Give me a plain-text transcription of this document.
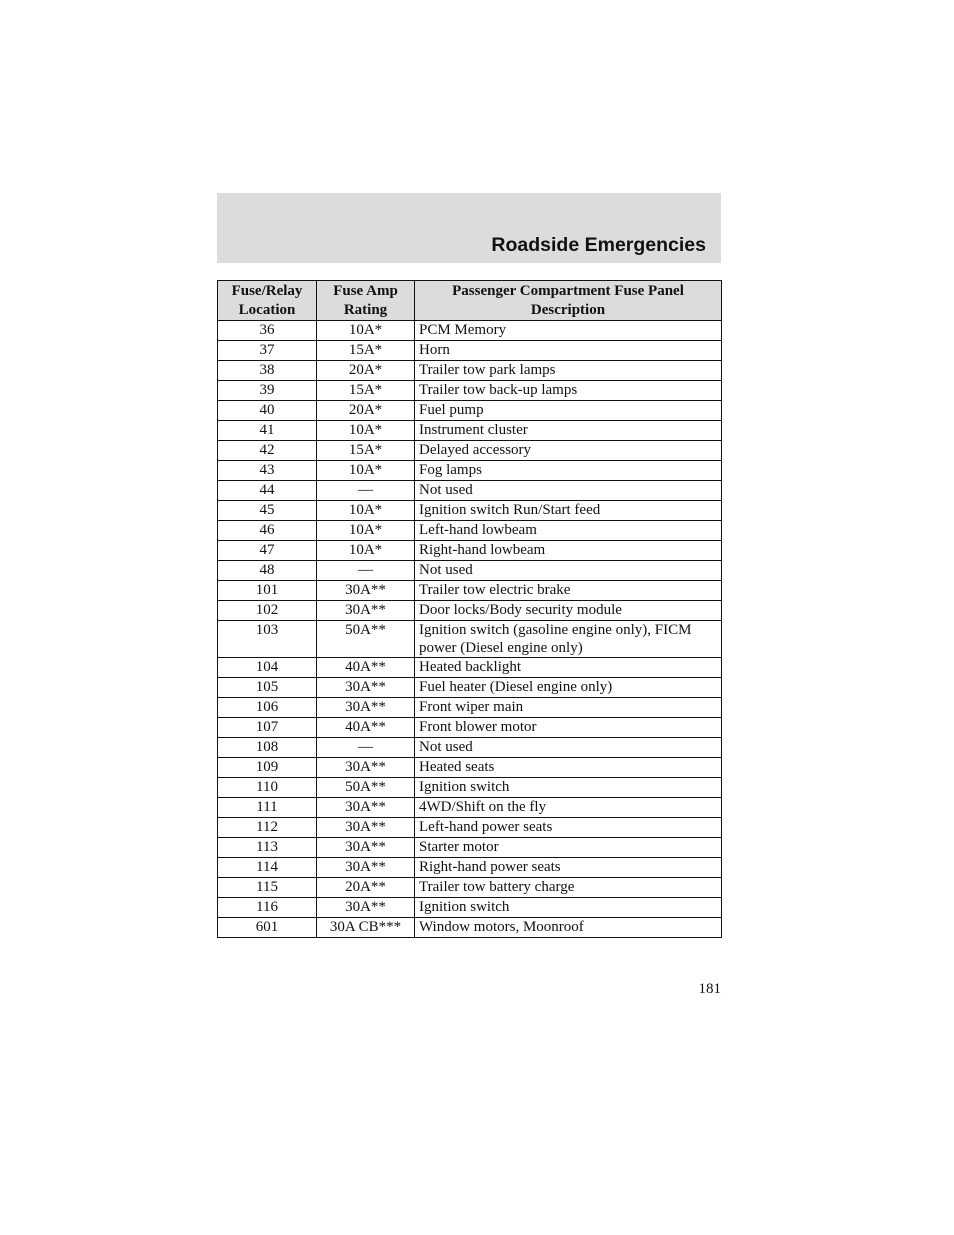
Roadside Emergencies
Fuse/Relay Location	Fuse Amp Rating	Passenger Compartment Fuse Panel Description
36	10A*	PCM Memory
37	15A*	Horn
38	20A*	Trailer tow park lamps
39	15A*	Trailer tow back-up lamps
40	20A*	Fuel pump
41	10A*	Instrument cluster
42	15A*	Delayed accessory
43	10A*	Fog lamps
44	—	Not used
45	10A*	Ignition switch Run/Start feed
46	10A*	Left-hand lowbeam
47	10A*	Right-hand lowbeam
48	—	Not used
101	30A**	Trailer tow electric brake
102	30A**	Door locks/Body security module
103	50A**	Ignition switch (gasoline engine only), FICM power (Diesel engine only)
104	40A**	Heated backlight
105	30A**	Fuel heater (Diesel engine only)
106	30A**	Front wiper main
107	40A**	Front blower motor
108	—	Not used
109	30A**	Heated seats
110	50A**	Ignition switch
111	30A**	4WD/Shift on the fly
112	30A**	Left-hand power seats
113	30A**	Starter motor
114	30A**	Right-hand power seats
115	20A**	Trailer tow battery charge
116	30A**	Ignition switch
601	30A CB***	Window motors, Moonroof
181
